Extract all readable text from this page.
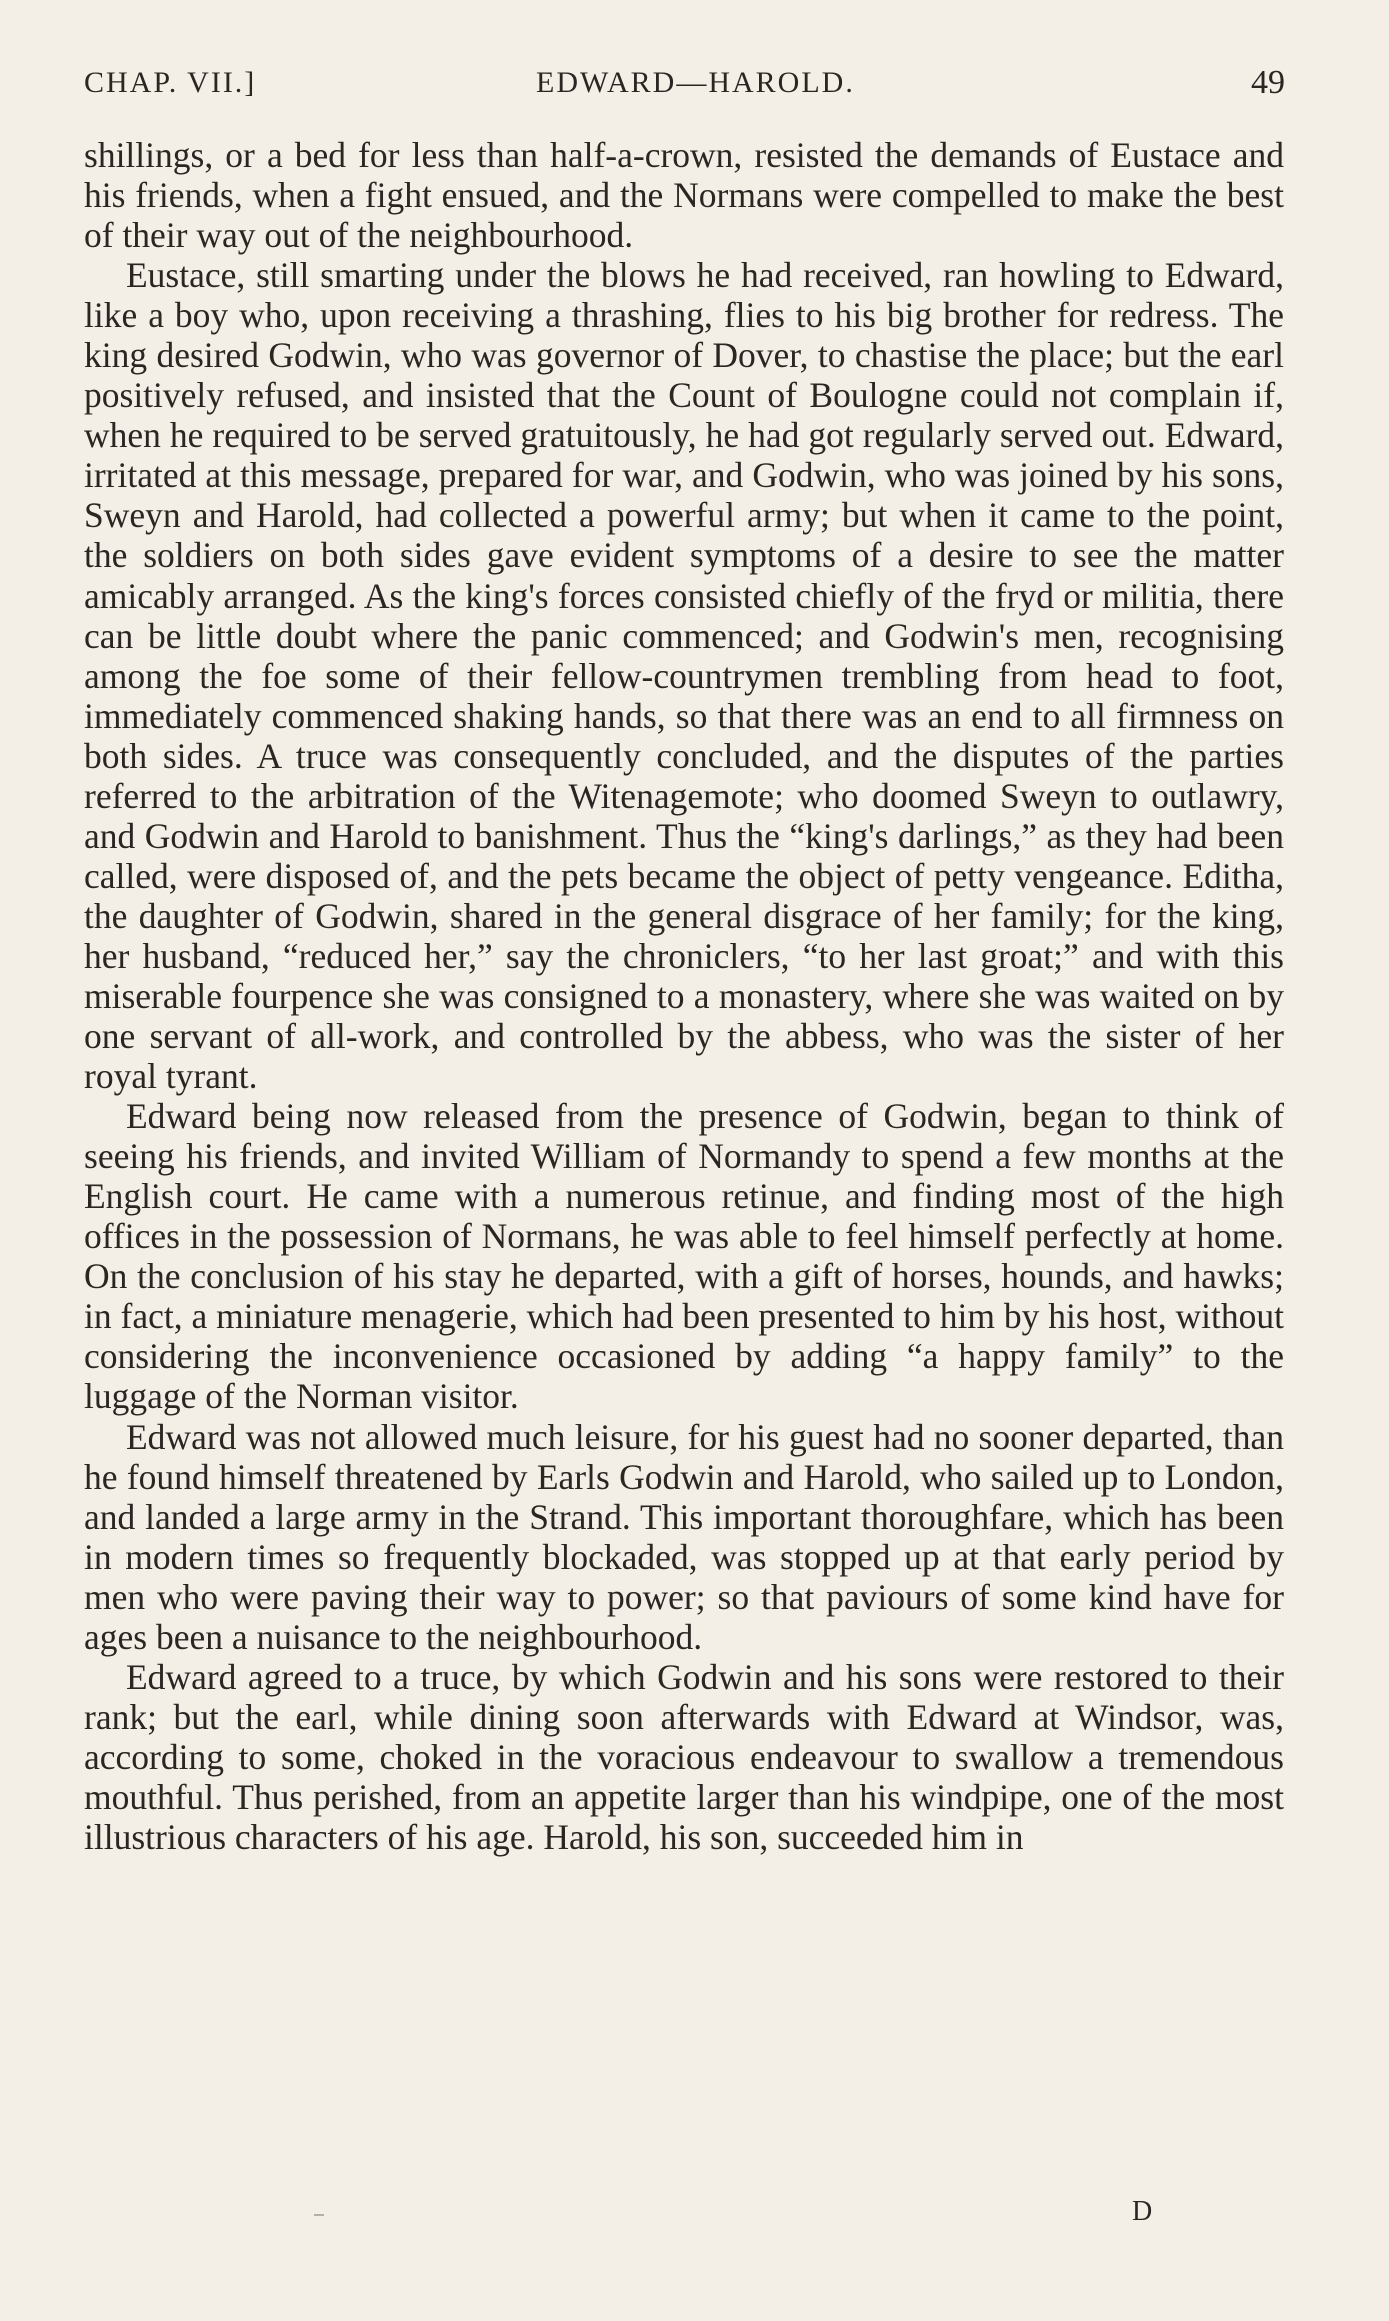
CHAP. VII.]	EDWARD—HAROLD.	49

shillings, or a bed for less than half-a-crown, resisted the demands of Eustace and his friends, when a fight ensued, and the Normans were compelled to make the best of their way out of the neighbourhood.

Eustace, still smarting under the blows he had received, ran howling to Edward, like a boy who, upon receiving a thrashing, flies to his big brother for redress. The king desired Godwin, who was governor of Dover, to chastise the place; but the earl positively refused, and insisted that the Count of Boulogne could not complain if, when he required to be served gratuitously, he had got regularly served out. Edward, irritated at this message, prepared for war, and Godwin, who was joined by his sons, Sweyn and Harold, had collected a powerful army; but when it came to the point, the soldiers on both sides gave evident symptoms of a desire to see the matter amicably arranged. As the king's forces consisted chiefly of the fryd or militia, there can be little doubt where the panic commenced; and Godwin's men, recognising among the foe some of their fellow-countrymen trembling from head to foot, immediately commenced shaking hands, so that there was an end to all firmness on both sides. A truce was consequently concluded, and the disputes of the parties referred to the arbitration of the Witenagemote; who doomed Sweyn to outlawry, and Godwin and Harold to banishment. Thus the “king's darlings,” as they had been called, were disposed of, and the pets became the object of petty vengeance. Editha, the daughter of Godwin, shared in the general disgrace of her family; for the king, her husband, “reduced her,” say the chroniclers, “to her last groat;” and with this miserable fourpence she was consigned to a monastery, where she was waited on by one servant of all-work, and controlled by the abbess, who was the sister of her royal tyrant.

Edward being now released from the presence of Godwin, began to think of seeing his friends, and invited William of Normandy to spend a few months at the English court. He came with a numerous retinue, and finding most of the high offices in the possession of Normans, he was able to feel himself perfectly at home. On the conclusion of his stay he departed, with a gift of horses, hounds, and hawks; in fact, a miniature menagerie, which had been presented to him by his host, without considering the inconvenience occasioned by adding “a happy family” to the luggage of the Norman visitor.

Edward was not allowed much leisure, for his guest had no sooner departed, than he found himself threatened by Earls Godwin and Harold, who sailed up to London, and landed a large army in the Strand. This important thoroughfare, which has been in modern times so frequently blockaded, was stopped up at that early period by men who were paving their way to power; so that paviours of some kind have for ages been a nuisance to the neighbourhood.

Edward agreed to a truce, by which Godwin and his sons were restored to their rank; but the earl, while dining soon afterwards with Edward at Windsor, was, according to some, choked in the voracious endeavour to swallow a tremendous mouthful. Thus perished, from an appetite larger than his windpipe, one of the most illustrious characters of his age. Harold, his son, succeeded him in

D
